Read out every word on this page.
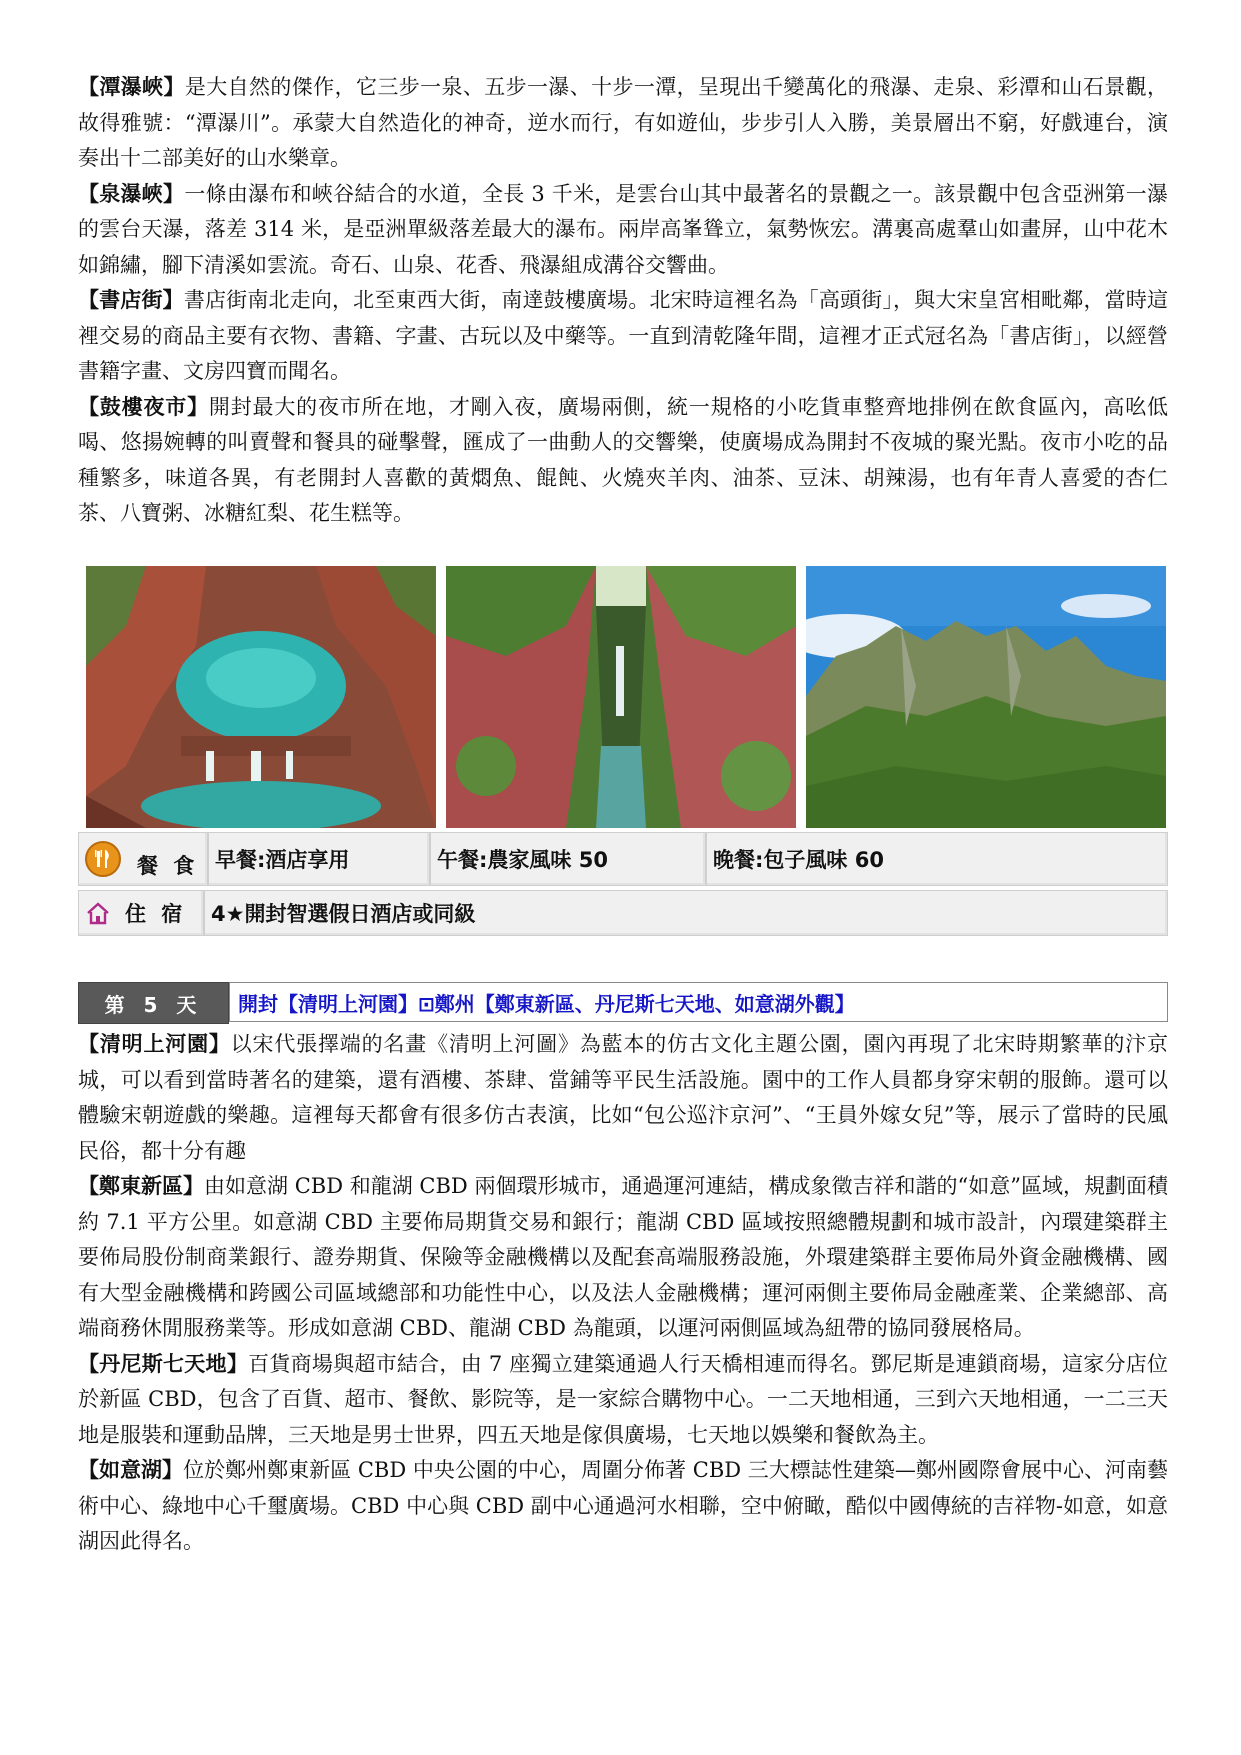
【潭瀑峽】是大自然的傑作，它三步一泉、五步一瀑、十步一潭，呈現出千變萬化的飛瀑、走泉、彩潭和山石景觀，故得雅號：“潭瀑川”。承蒙大自然造化的神奇，逆水而行，有如遊仙，步步引人入勝，美景層出不窮，好戲連台，演奏出十二部美好的山水樂章。

【泉瀑峽】一條由瀑布和峽谷結合的水道，全長 3 千米，是雲台山其中最著名的景觀之一。該景觀中包含亞洲第一瀑的雲台天瀑，落差 314 米，是亞洲單級落差最大的瀑布。兩岸高峯聳立，氣勢恢宏。溝裏高處羣山如畫屏，山中花木如錦繡，腳下清溪如雲流。奇石、山泉、花香、飛瀑組成溝谷交響曲。

【書店街】書店街南北走向，北至東西大街，南達鼓樓廣場。北宋時這裡名為「高頭街」，與大宋皇宮相毗鄰，當時這裡交易的商品主要有衣物、書籍、字畫、古玩以及中藥等。一直到清乾隆年間，這裡才正式冠名為「書店街」，以經營書籍字畫、文房四寶而聞名。

【鼓樓夜市】開封最大的夜市所在地，才剛入夜，廣場兩側，統一規格的小吃貨車整齊地排例在飲食區內，高吆低喝、悠揚婉轉的叫賣聲和餐具的碰擊聲，匯成了一曲動人的交響樂，使廣場成為開封不夜城的聚光點。夜市小吃的品種繁多，味道各異，有老開封人喜歡的黃燜魚、餛飩、火燒夾羊肉、油茶、豆沫、胡辣湯，也有年青人喜愛的杏仁茶、八寶粥、冰糖紅梨、花生糕等。

餐 食 早餐:酒店享用	午餐:農家風味 50	晚餐:包子風味 60
住 宿 4★開封智選假日酒店或同級
第 5 天	開封【清明上河園】⊡鄭州【鄭東新區、丹尼斯七天地、如意湖外觀】

【清明上河園】以宋代張擇端的名畫《清明上河圖》為藍本的仿古文化主題公園，園內再現了北宋時期繁華的汴京城，可以看到當時著名的建築，還有酒樓、茶肆、當鋪等平民生活設施。園中的工作人員都身穿宋朝的服飾。還可以體驗宋朝遊戲的樂趣。這裡每天都會有很多仿古表演，比如“包公巡汴京河”、“王員外嫁女兒”等，展示了當時的民風民俗，都十分有趣

【鄭東新區】由如意湖 CBD 和龍湖 CBD 兩個環形城市，通過運河連結，構成象徵吉祥和諧的“如意”區域，規劃面積約 7.1 平方公里。如意湖 CBD 主要佈局期貨交易和銀行；龍湖 CBD 區域按照總體規劃和城市設計，內環建築群主要佈局股份制商業銀行、證券期貨、保險等金融機構以及配套高端服務設施，外環建築群主要佈局外資金融機構、國有大型金融機構和跨國公司區域總部和功能性中心，以及法人金融機構；運河兩側主要佈局金融產業、企業總部、高端商務休閒服務業等。形成如意湖 CBD、龍湖 CBD 為龍頭，以運河兩側區域為紐帶的協同發展格局。

【丹尼斯七天地】百貨商場與超市結合，由 7 座獨立建築通過人行天橋相連而得名。鄧尼斯是連鎖商場，這家分店位於新區 CBD，包含了百貨、超市、餐飲、影院等，是一家綜合購物中心。一二天地相通，三到六天地相通，一二三天地是服裝和運動品牌，三天地是男士世界，四五天地是傢俱廣場，七天地以娛樂和餐飲為主。

【如意湖】位於鄭州鄭東新區 CBD 中央公園的中心，周圍分佈著 CBD 三大標誌性建築—鄭州國際會展中心、河南藝術中心、綠地中心千璽廣場。CBD 中心與 CBD 副中心通過河水相聯，空中俯瞰，酷似中國傳統的吉祥物-如意，如意湖因此得名。
